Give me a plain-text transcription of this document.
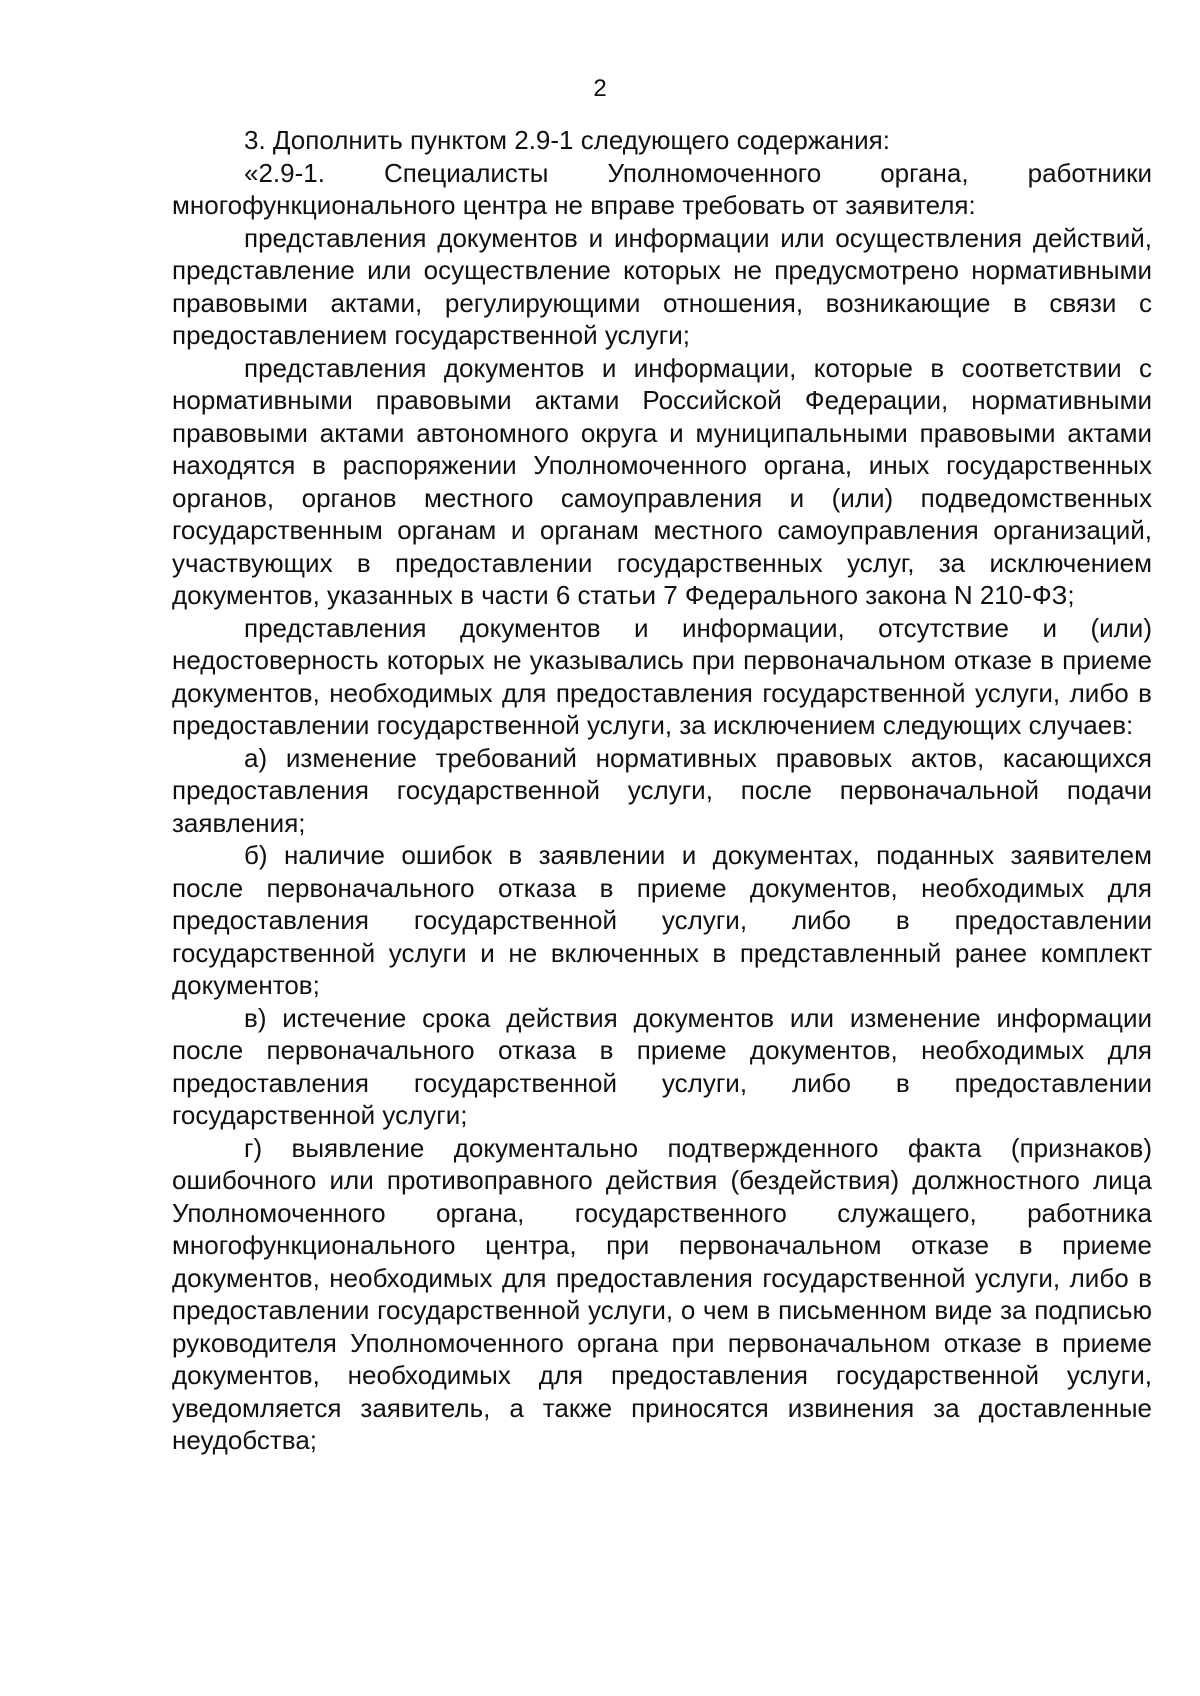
2

3. Дополнить пунктом 2.9-1 следующего содержания:

«2.9-1. Специалисты Уполномоченного органа, работники многофункционального центра не вправе требовать от заявителя:

представления документов и информации или осуществления действий, представление или осуществление которых не предусмотрено нормативными правовыми актами, регулирующими отношения, возникающие в связи с предоставлением государственной услуги;

представления документов и информации, которые в соответствии с нормативными правовыми актами Российской Федерации, нормативными правовыми актами автономного округа и муниципальными правовыми актами находятся в распоряжении Уполномоченного органа, иных государственных органов, органов местного самоуправления и (или) подведомственных государственным органам и органам местного самоуправления организаций, участвующих в предоставлении государственных услуг, за исключением документов, указанных в части 6 статьи 7 Федерального закона N 210-ФЗ;

представления документов и информации, отсутствие и (или) недостоверность которых не указывались при первоначальном отказе в приеме документов, необходимых для предоставления государственной услуги, либо в предоставлении государственной услуги, за исключением следующих случаев:

а) изменение требований нормативных правовых актов, касающихся предоставления государственной услуги, после первоначальной подачи заявления;

б) наличие ошибок в заявлении и документах, поданных заявителем после первоначального отказа в приеме документов, необходимых для предоставления государственной услуги, либо в предоставлении государственной услуги и не включенных в представленный ранее комплект документов;

в) истечение срока действия документов или изменение информации после первоначального отказа в приеме документов, необходимых для предоставления государственной услуги, либо в предоставлении государственной услуги;

г) выявление документально подтвержденного факта (признаков) ошибочного или противоправного действия (бездействия) должностного лица Уполномоченного органа, государственного служащего, работника многофункционального центра, при первоначальном отказе в приеме документов, необходимых для предоставления государственной услуги, либо в предоставлении государственной услуги, о чем в письменном виде за подписью руководителя Уполномоченного органа при первоначальном отказе в приеме документов, необходимых для предоставления государственной услуги, уведомляется заявитель, а также приносятся извинения за доставленные неудобства;
